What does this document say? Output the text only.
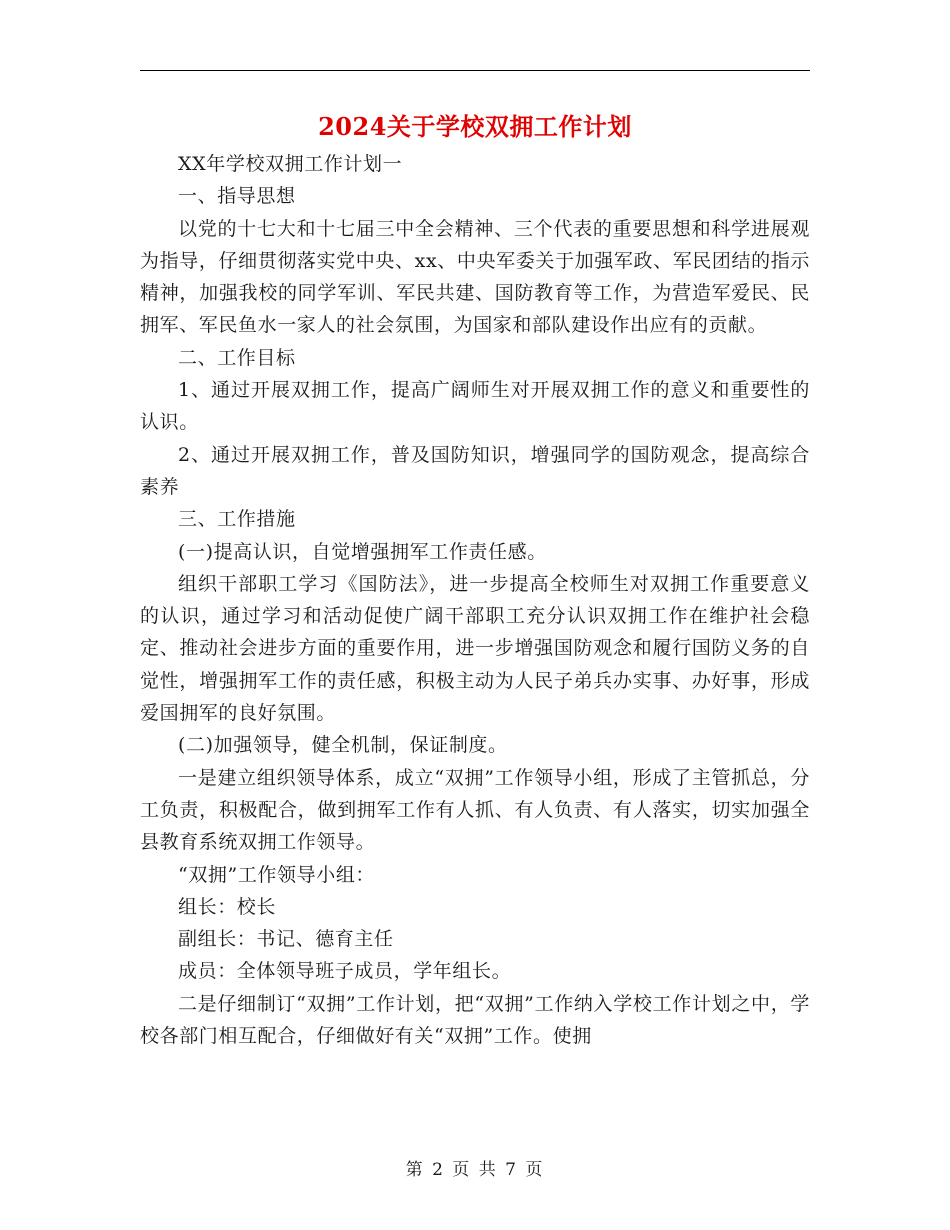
2024关于学校双拥工作计划

XX年学校双拥工作计划一

一、指导思想

以党的十七大和十七届三中全会精神、三个代表的重要思想和科学进展观为指导，仔细贯彻落实党中央、xx、中央军委关于加强军政、军民团结的指示精神，加强我校的同学军训、军民共建、国防教育等工作，为营造军爱民、民拥军、军民鱼水一家人的社会氛围，为国家和部队建设作出应有的贡献。

二、工作目标

1、通过开展双拥工作，提高广阔师生对开展双拥工作的意义和重要性的认识。

2、通过开展双拥工作，普及国防知识，增强同学的国防观念，提高综合素养

三、工作措施

(一)提高认识，自觉增强拥军工作责任感。

组织干部职工学习《国防法》，进一步提高全校师生对双拥工作重要意义的认识，通过学习和活动促使广阔干部职工充分认识双拥工作在维护社会稳定、推动社会进步方面的重要作用，进一步增强国防观念和履行国防义务的自觉性，增强拥军工作的责任感，积极主动为人民子弟兵办实事、办好事，形成爱国拥军的良好氛围。

(二)加强领导，健全机制，保证制度。

一是建立组织领导体系，成立“双拥”工作领导小组，形成了主管抓总，分工负责，积极配合，做到拥军工作有人抓、有人负责、有人落实，切实加强全县教育系统双拥工作领导。

“双拥”工作领导小组：

组长：校长

副组长：书记、德育主任

成员：全体领导班子成员，学年组长。

二是仔细制订“双拥”工作计划，把“双拥”工作纳入学校工作计划之中，学校各部门相互配合，仔细做好有关“双拥”工作。使拥

第 2 页 共 7 页
